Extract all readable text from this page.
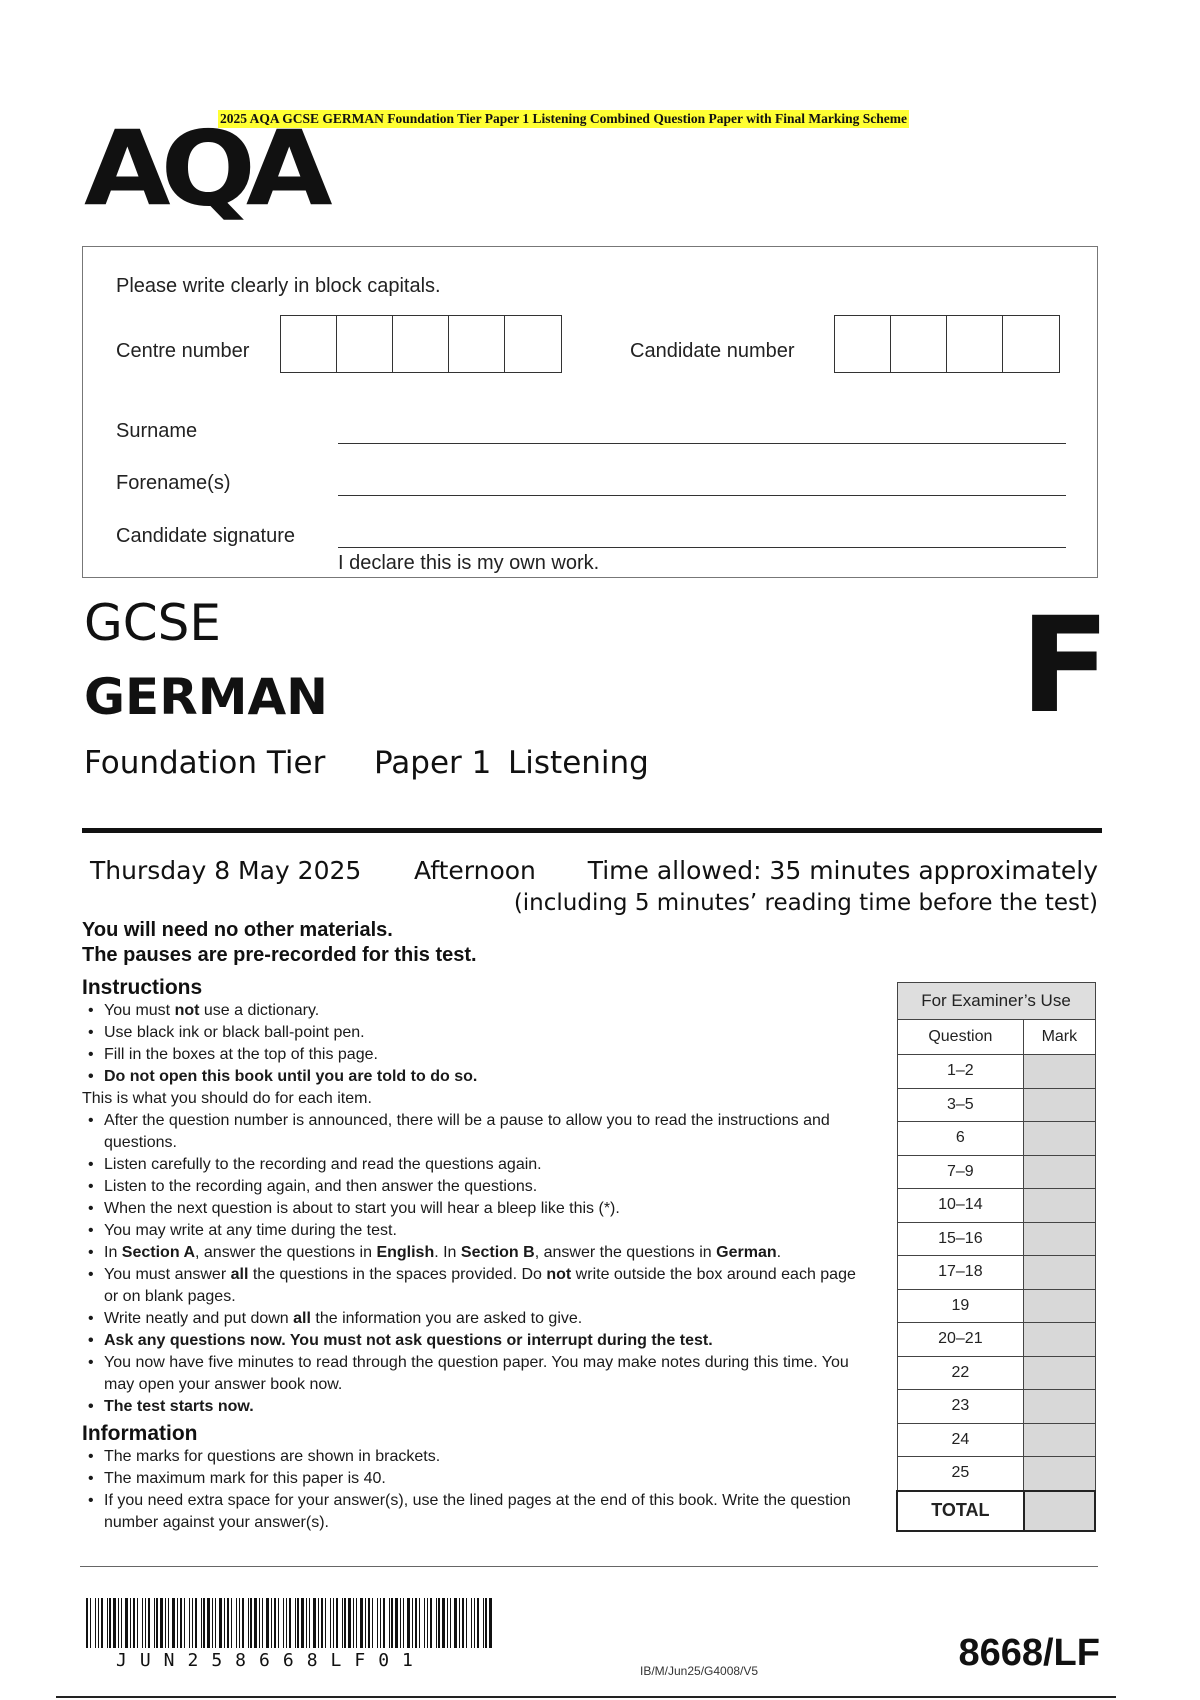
2025 AQA GCSE GERMAN Foundation Tier Paper 1 Listening Combined Question Paper with Final Marking Scheme
AQA
Please write clearly in block capitals.
Centre number	Candidate number
Surname
Forename(s)
Candidate signature
I declare this is my own work.
GCSE
GERMAN	F
Foundation Tier Paper 1 Listening
Thursday 8 May 2025 Afternoon Time allowed: 35 minutes approximately
(including 5 minutes’ reading time before the test)
You will need no other materials.
The pauses are pre-recorded for this test.
Instructions
• You must not use a dictionary.
• Use black ink or black ball-point pen.
• Fill in the boxes at the top of this page.
• Do not open this book until you are told to do so.
This is what you should do for each item.
• After the question number is announced, there will be a pause to allow you to read the instructions and questions.
• Listen carefully to the recording and read the questions again.
• Listen to the recording again, and then answer the questions.
• When the next question is about to start you will hear a bleep like this (*).
• You may write at any time during the test.
• In Section A, answer the questions in English. In Section B, answer the questions in German.
• You must answer all the questions in the spaces provided. Do not write outside the box around each page or on blank pages.
• Write neatly and put down all the information you are asked to give.
• Ask any questions now. You must not ask questions or interrupt during the test.
• You now have five minutes to read through the question paper. You may make notes during this time. You may open your answer book now.
• The test starts now.
Information
• The marks for questions are shown in brackets.
• The maximum mark for this paper is 40.
• If you need extra space for your answer(s), use the lined pages at the end of this book. Write the question number against your answer(s).
For Examiner’s Use	
Question	Mark
1–2	
3–5	
6	
7–9	
10–14	
15–16	
17–18	
19	
20–21	
22	
23	
24	
25	
TOTAL	
JUN258668LF01	IB/M/Jun25/G4008/V5	8668/LF
